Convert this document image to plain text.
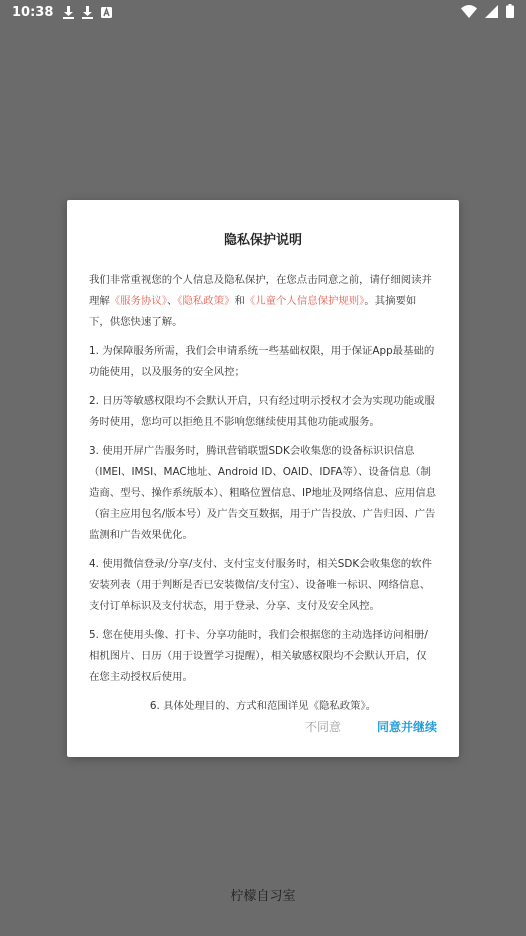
10:38
隐私保护说明

我们非常重视您的个人信息及隐私保护，在您点击同意之前，请仔细阅读并理解《服务协议》、《隐私政策》和《儿童个人信息保护规则》。其摘要如下，供您快速了解。

1. 为保障服务所需，我们会申请系统一些基础权限，用于保证App最基础的功能使用，以及服务的安全风控；

2. 日历等敏感权限均不会默认开启，只有经过明示授权才会为实现功能或服务时使用，您均可以拒绝且不影响您继续使用其他功能或服务。

3. 使用开屏广告服务时，腾讯营销联盟SDK会收集您的设备标识识信息（IMEI、IMSI、MAC地址、Android ID、OAID、IDFA等）、设备信息（制造商、型号、操作系统版本）、粗略位置信息、IP地址及网络信息、应用信息（宿主应用包名/版本号）及广告交互数据，用于广告投放、广告归因、广告监测和广告效果优化。

4. 使用微信登录/分享/支付、支付宝支付服务时，相关SDK会收集您的软件安装列表（用于判断是否已安装微信/支付宝）、设备唯一标识、网络信息、支付订单标识及支付状态，用于登录、分享、支付及安全风控。

5. 您在使用头像、打卡、分享功能时，我们会根据您的主动选择访问相册/相机图片、日历（用于设置学习提醒），相关敏感权限均不会默认开启，仅在您主动授权后使用。

6. 具体处理目的、方式和范围详见《隐私政策》。

不同意	同意并继续
柠檬自习室
